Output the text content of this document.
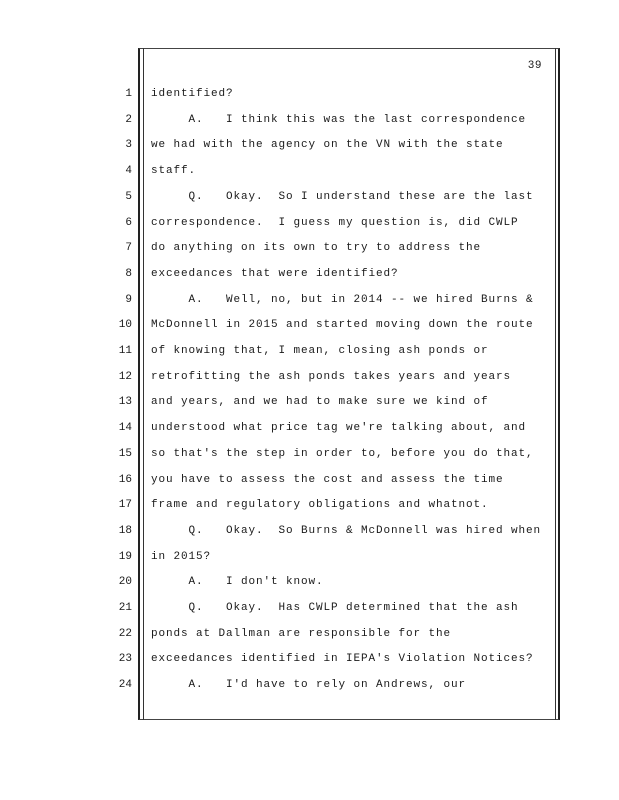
39
1 identified?
2 A.   I think this was the last correspondence
3 we had with the agency on the VN with the state
4 staff.
5 Q.   Okay.  So I understand these are the last
6 correspondence.  I guess my question is, did CWLP
7 do anything on its own to try to address the
8 exceedances that were identified?
9 A.   Well, no, but in 2014 -- we hired Burns &
10 McDonnell in 2015 and started moving down the route
11 of knowing that, I mean, closing ash ponds or
12 retrofitting the ash ponds takes years and years
13 and years, and we had to make sure we kind of
14 understood what price tag we're talking about, and
15 so that's the step in order to, before you do that,
16 you have to assess the cost and assess the time
17 frame and regulatory obligations and whatnot.
18 Q.   Okay.  So Burns & McDonnell was hired when
19 in 2015?
20 A.   I don't know.
21 Q.   Okay.  Has CWLP determined that the ash
22 ponds at Dallman are responsible for the
23 exceedances identified in IEPA's Violation Notices?
24 A.   I'd have to rely on Andrews, our
